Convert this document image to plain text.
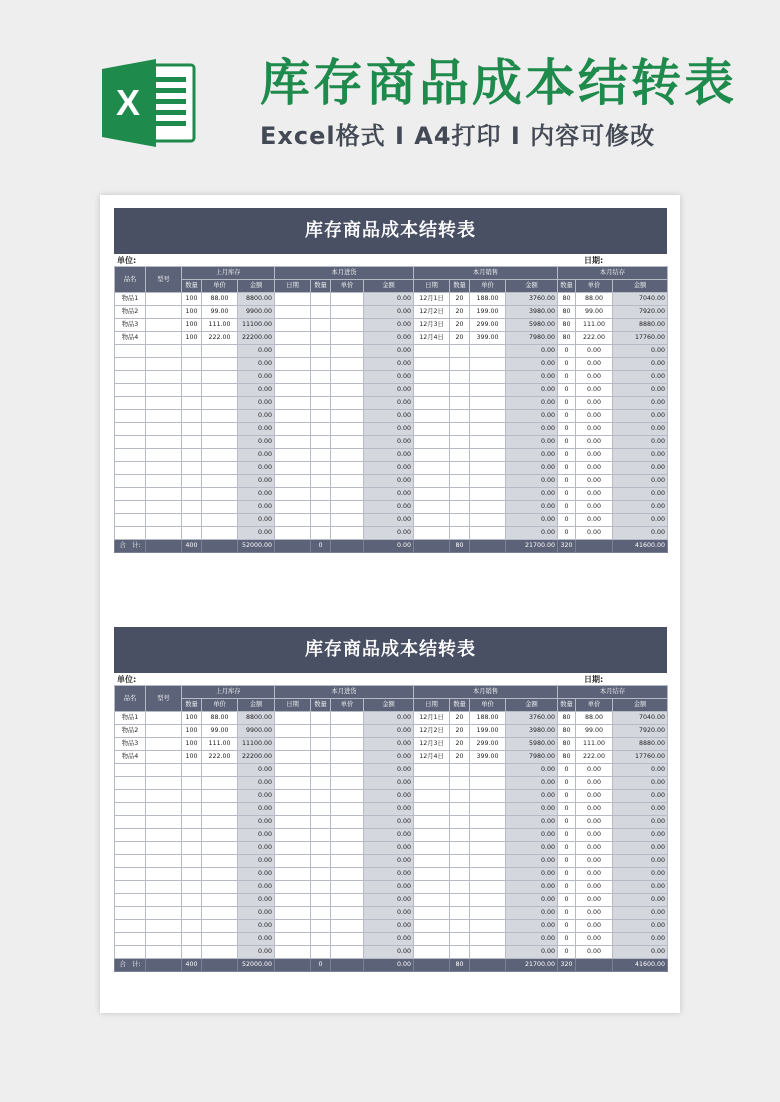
X 库存商品成本结转表
Excel格式 I A4打印 I 内容可修改
库存商品成本结转表
单位:	日期:
品名	型号	上月库存			本月进货				本月销售				本月结存		
		数量	单价	金额	日期	数量	单价	金额	日期	数量	单价	金额	数量	单价	金额
物品1		100	88.00	8800.00				0.00	12月1日	20	188.00	3760.00	80	88.00	7040.00
物品2		100	99.00	9900.00				0.00	12月2日	20	199.00	3980.00	80	99.00	7920.00
物品3		100	111.00	11100.00				0.00	12月3日	20	299.00	5980.00	80	111.00	8880.00
物品4		100	222.00	22200.00				0.00	12月4日	20	399.00	7980.00	80	222.00	17760.00
				0.00				0.00				0.00	0	0.00	0.00
				0.00				0.00				0.00	0	0.00	0.00
				0.00				0.00				0.00	0	0.00	0.00
				0.00				0.00				0.00	0	0.00	0.00
				0.00				0.00				0.00	0	0.00	0.00
				0.00				0.00				0.00	0	0.00	0.00
				0.00				0.00				0.00	0	0.00	0.00
				0.00				0.00				0.00	0	0.00	0.00
				0.00				0.00				0.00	0	0.00	0.00
				0.00				0.00				0.00	0	0.00	0.00
				0.00				0.00				0.00	0	0.00	0.00
				0.00				0.00				0.00	0	0.00	0.00
				0.00				0.00				0.00	0	0.00	0.00
				0.00				0.00				0.00	0	0.00	0.00
				0.00				0.00				0.00	0	0.00	0.00
合　计:		400		52000.00		0		0.00		80		21700.00	320		41600.00
库存商品成本结转表
单位:	日期:
品名	型号	上月库存			本月进货				本月销售				本月结存		
		数量	单价	金额	日期	数量	单价	金额	日期	数量	单价	金额	数量	单价	金额
物品1		100	88.00	8800.00				0.00	12月1日	20	188.00	3760.00	80	88.00	7040.00
物品2		100	99.00	9900.00				0.00	12月2日	20	199.00	3980.00	80	99.00	7920.00
物品3		100	111.00	11100.00				0.00	12月3日	20	299.00	5980.00	80	111.00	8880.00
物品4		100	222.00	22200.00				0.00	12月4日	20	399.00	7980.00	80	222.00	17760.00
				0.00				0.00				0.00	0	0.00	0.00
				0.00				0.00				0.00	0	0.00	0.00
				0.00				0.00				0.00	0	0.00	0.00
				0.00				0.00				0.00	0	0.00	0.00
				0.00				0.00				0.00	0	0.00	0.00
				0.00				0.00				0.00	0	0.00	0.00
				0.00				0.00				0.00	0	0.00	0.00
				0.00				0.00				0.00	0	0.00	0.00
				0.00				0.00				0.00	0	0.00	0.00
				0.00				0.00				0.00	0	0.00	0.00
				0.00				0.00				0.00	0	0.00	0.00
				0.00				0.00				0.00	0	0.00	0.00
				0.00				0.00				0.00	0	0.00	0.00
				0.00				0.00				0.00	0	0.00	0.00
				0.00				0.00				0.00	0	0.00	0.00
合　计:		400		52000.00		0		0.00		80		21700.00	320		41600.00
